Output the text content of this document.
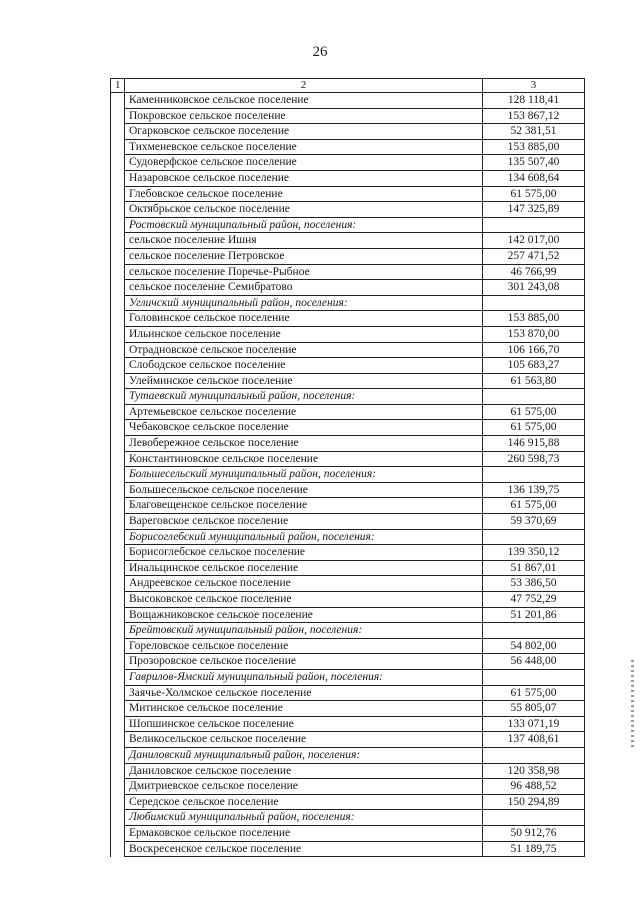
26
1	2	3
	Каменниковское сельское поселение	128 118,41
	Покровское сельское поселение	153 867,12
	Огарковское сельское поселение	52 381,51
	Тихменевское сельское поселение	153 885,00
	Судоверфское сельское поселение	135 507,40
	Назаровское сельское поселение	134 608,64
	Глебовское сельское поселение	61 575,00
	Октябрьское сельское поселение	147 325,89
	Ростовский муниципальный район, поселения:	
	сельское поселение Ишня	142 017,00
	сельское поселение Петровское	257 471,52
	сельское поселение Поречье-Рыбное	46 766,99
	сельское поселение Семибратово	301 243,08
	Угличский муниципальный район, поселения:	
	Головинское сельское поселение	153 885,00
	Ильинское сельское поселение	153 870,00
	Отрадновское сельское поселение	106 166,70
	Слободское сельское поселение	105 683,27
	Улейминское сельское поселение	61 563,80
	Тутаевский муниципальный район, поселения:	
	Артемьевское сельское поселение	61 575,00
	Чебаковское сельское поселение	61 575,00
	Левобережное сельское поселение	146 915,88
	Константиновское сельское поселение	260 598,73
	Большесельский муниципальный район, поселения:	
	Большесельское сельское поселение	136 139,75
	Благовещенское сельское поселение	61 575,00
	Вареговское сельское поселение	59 370,69
	Борисоглебский муниципальный район, поселения:	
	Борисоглебское сельское поселение	139 350,12
	Инальцинское сельское поселение	51 867,01
	Андреевское сельское поселение	53 386,50
	Высоковское сельское поселение	47 752,29
	Вощажниковское сельское поселение	51 201,86
	Брейтовский муниципальный район, поселения:	
	Гореловское сельское поселение	54 802,00
	Прозоровское сельское поселение	56 448,00
	Гаврилов-Ямский муниципальный район, поселения:	
	Заячье-Холмское сельское поселение	61 575,00
	Митинское сельское поселение	55 805,07
	Шопшинское сельское поселение	133 071,19
	Великосельское сельское поселение	137 408,61
	Даниловский муниципальный район, поселения:	
	Даниловское сельское поселение	120 358,98
	Дмитриевское сельское поселение	96 488,52
	Середское сельское поселение	150 294,89
	Любимский муниципальный район, поселения:	
	Ермаковское сельское поселение	50 912,76
	Воскресенское сельское поселение	51 189,75
